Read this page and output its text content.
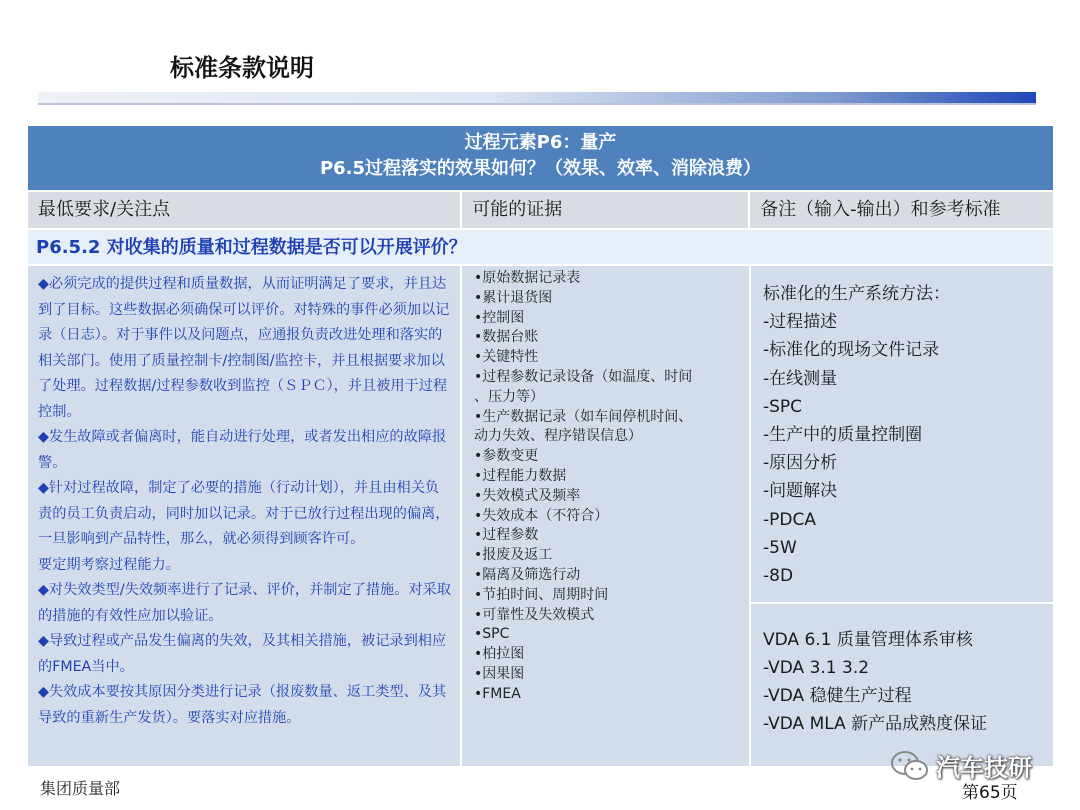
标准条款说明
过程元素P6：量产
P6.5过程落实的效果如何？（效果、效率、消除浪费）
最低要求/关注点	可能的证据	备注（输入-输出）和参考标准
P6.5.2 对收集的质量和过程数据是否可以开展评价？

◆必须完成的提供过程和质量数据，从而证明满足了要求，并且达到了目标。这些数据必须确保可以评价。对特殊的事件必须加以记录（日志）。对于事件以及问题点，应通报负责改进处理和落实的相关部门。使用了质量控制卡/控制图/监控卡，并且根据要求加以了处理。过程数据/过程参数收到监控（ＳＰＣ），并且被用于过程控制。

◆发生故障或者偏离时，能自动进行处理，或者发出相应的故障报警。

◆针对过程故障，制定了必要的措施（行动计划），并且由相关负责的员工负责启动，同时加以记录。对于已放行过程出现的偏离，一旦影响到产品特性，那么，就必须得到顾客许可。

要定期考察过程能力。

◆对失效类型/失效频率进行了记录、评价，并制定了措施。对采取的措施的有效性应加以验证。

◆导致过程或产品发生偏离的失效，及其相关措施，被记录到相应的FMEA当中。

◆失效成本要按其原因分类进行记录（报废数量、返工类型、及其导致的重新生产发货）。要落实对应措施。

•原始数据记录表
•累计退货图
•控制图
•数据台账
•关键特性
•过程参数记录设备（如温度、时间
、压力等）
•生产数据记录（如车间停机时间、
动力失效、程序错误信息）
•参数变更
•过程能力数据
•失效模式及频率
•失效成本（不符合）
•过程参数
•报废及返工
•隔离及筛选行动
•节拍时间、周期时间
•可靠性及失效模式
•SPC
•柏拉图
•因果图
•FMEA
标准化的生产系统方法：
-过程描述
-标准化的现场文件记录
-在线测量
-SPC
-生产中的质量控制圈
-原因分析
-问题解决
-PDCA
-5W
-8D
VDA 6.1 质量管理体系审核
-VDA 3.1 3.2
-VDA 稳健生产过程
-VDA MLA 新产品成熟度保证
集团质量部
汽车技研
第65页
